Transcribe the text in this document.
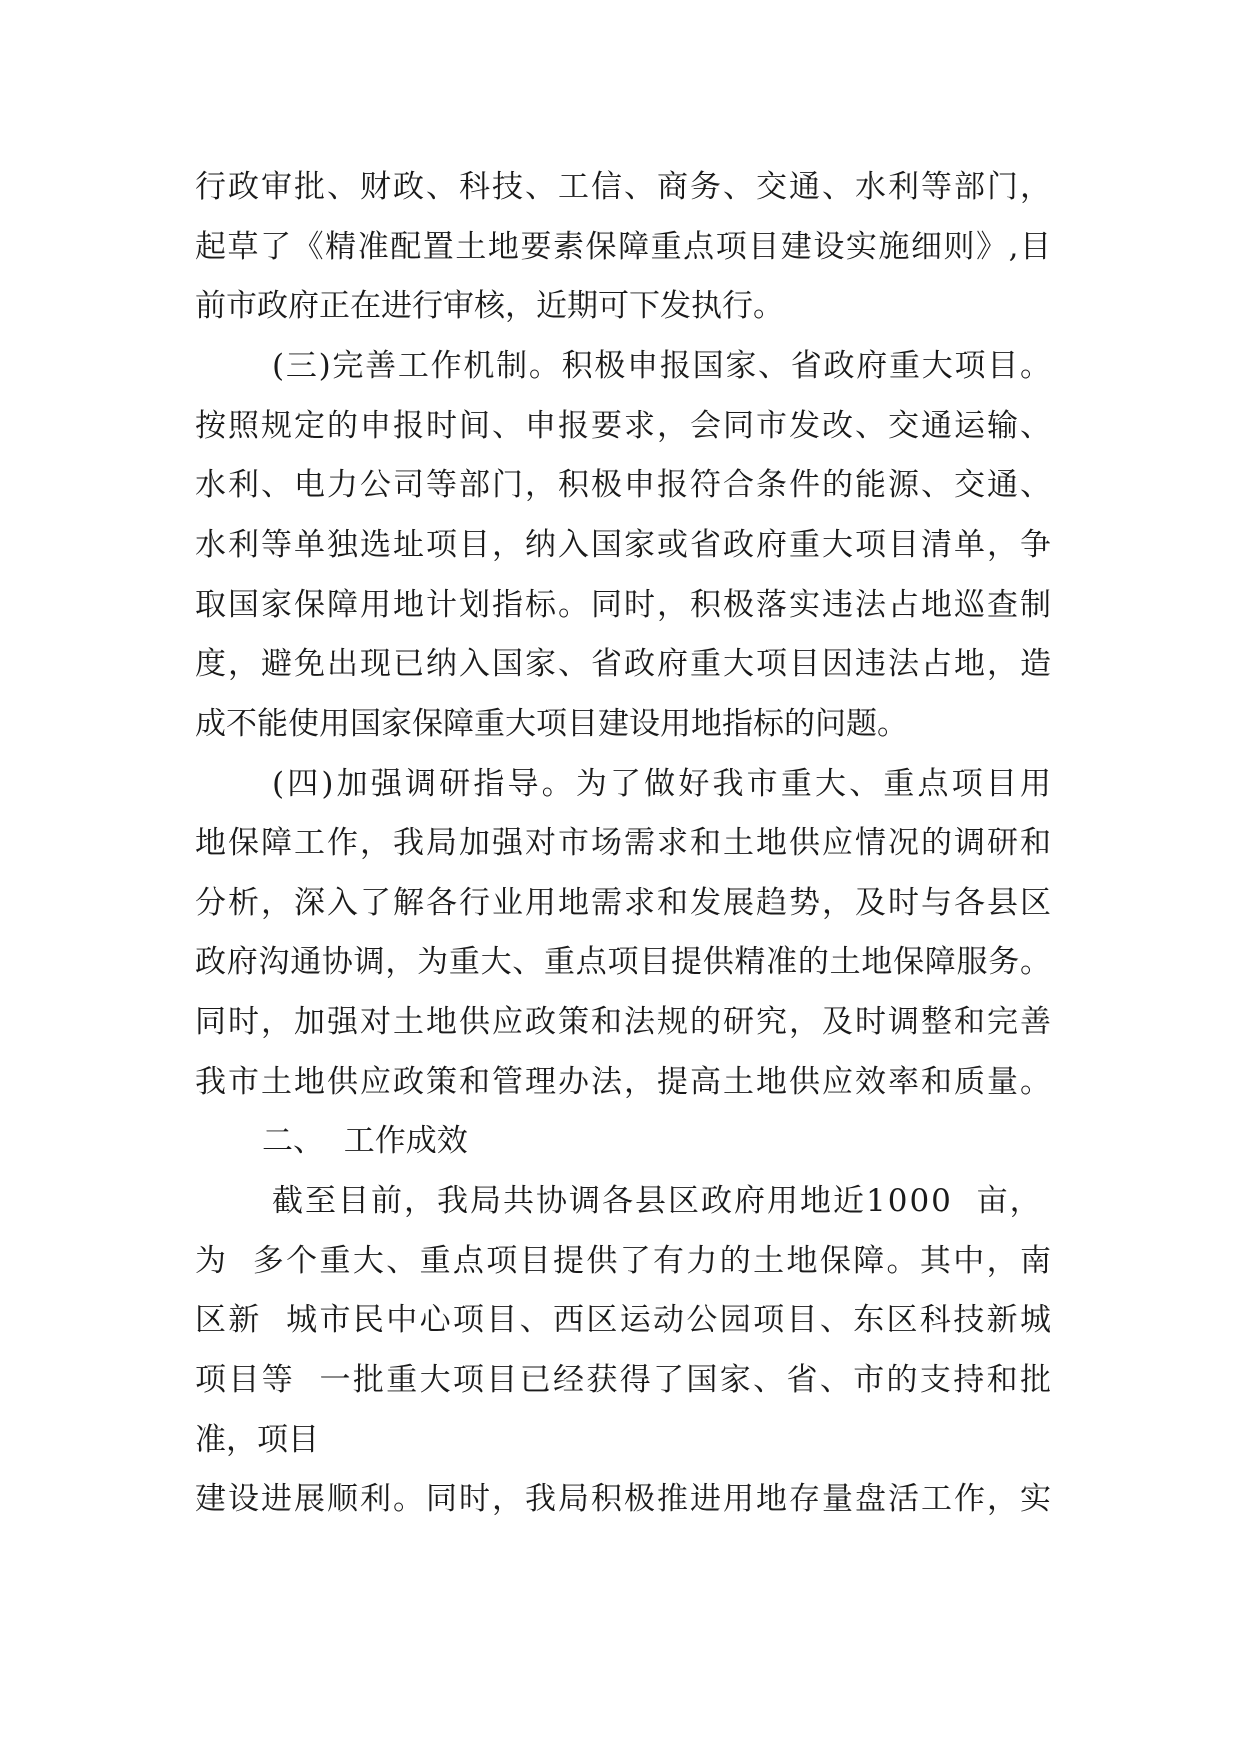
行政审批、财政、科技、工信、商务、交通、水利等部门，
起草了《精准配置土地要素保障重点项目建设实施细则》,目
前市政府正在进行审核，近期可下发执行。
(三)完善工作机制。积极申报国家、省政府重大项目。
按照规定的申报时间、申报要求，会同市发改、交通运输、
水利、电力公司等部门，积极申报符合条件的能源、交通、
水利等单独选址项目，纳入国家或省政府重大项目清单，争
取国家保障用地计划指标。同时，积极落实违法占地巡查制
度，避免出现已纳入国家、省政府重大项目因违法占地，造
成不能使用国家保障重大项目建设用地指标的问题。
(四)加强调研指导。为了做好我市重大、重点项目用
地保障工作，我局加强对市场需求和土地供应情况的调研和
分析，深入了解各行业用地需求和发展趋势，及时与各县区
政府沟通协调，为重大、重点项目提供精准的土地保障服务。
同时，加强对土地供应政策和法规的研究，及时调整和完善
我市土地供应政策和管理办法，提高土地供应效率和质量。
二、  工作成效
截至目前，我局共协调各县区政府用地近1000  亩，
为  多个重大、重点项目提供了有力的土地保障。其中，南
区新  城市民中心项目、西区运动公园项目、东区科技新城
项目等  一批重大项目已经获得了国家、省、市的支持和批
准，项目
建设进展顺利。同时，我局积极推进用地存量盘活工作，实
